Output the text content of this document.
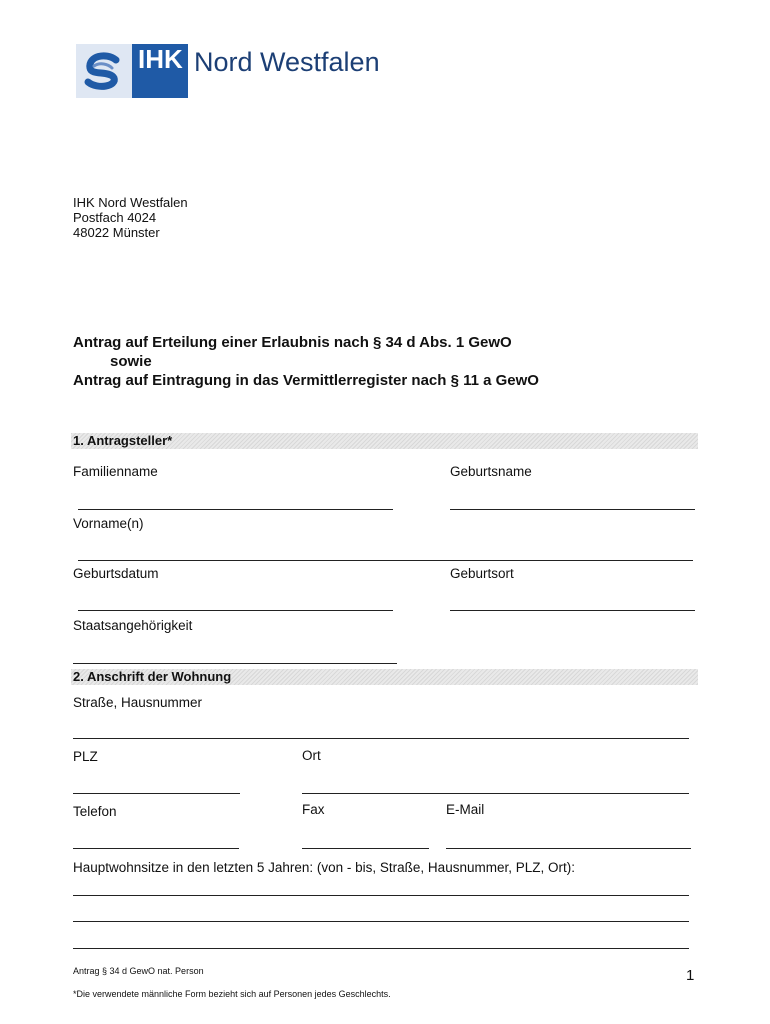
IHK Nord Westfalen
IHK Nord Westfalen
Postfach 4024
48022 Münster
Antrag auf Erteilung einer Erlaubnis nach § 34 d Abs. 1 GewO
sowie
Antrag auf Eintragung in das Vermittlerregister nach § 11 a GewO
1. Antragsteller*
Familienname	Geburtsname
Vorname(n)
Geburtsdatum	Geburtsort
Staatsangehörigkeit
2. Anschrift der Wohnung
Straße, Hausnummer
PLZ	Ort
Telefon	Fax	E-Mail
Hauptwohnsitze in den letzten 5 Jahren: (von - bis, Straße, Hausnummer, PLZ, Ort):
Antrag § 34 d GewO nat. Person	1
*Die verwendete männliche Form bezieht sich auf Personen jedes Geschlechts.
